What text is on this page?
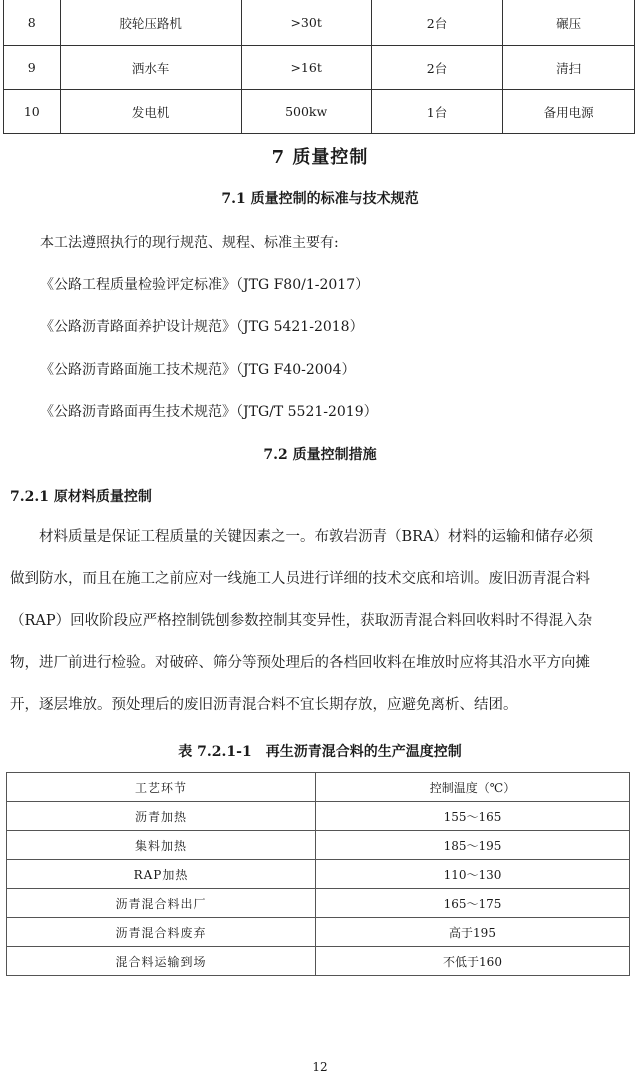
8	胶轮压路机	>30t	2台	碾压
9	洒水车	>16t	2台	清扫
10	发电机	500kw	1台	备用电源
7 质量控制
7.1 质量控制的标准与技术规范
本工法遵照执行的现行规范、规程、标准主要有:
《公路工程质量检验评定标准》（JTG F80/1-2017）
《公路沥青路面养护设计规范》（JTG 5421-2018）
《公路沥青路面施工技术规范》（JTG F40-2004）
《公路沥青路面再生技术规范》（JTG/T 5521-2019）
7.2 质量控制措施
7.2.1 原材料质量控制
　　材料质量是保证工程质量的关键因素之一。布敦岩沥青（BRA）材料的运输和储存必须
做到防水，而且在施工之前应对一线施工人员进行详细的技术交底和培训。废旧沥青混合料
（RAP）回收阶段应严格控制铣刨参数控制其变异性，获取沥青混合料回收料时不得混入杂
物，进厂前进行检验。对破碎、筛分等预处理后的各档回收料在堆放时应将其沿水平方向摊
开，逐层堆放。预处理后的废旧沥青混合料不宜长期存放，应避免离析、结团。
表 7.2.1-1　再生沥青混合料的生产温度控制
工艺环节	控制温度（℃）
沥青加热	155～165
集料加热	185～195
RAP加热	110～130
沥青混合料出厂	165～175
沥青混合料废弃	高于195
混合料运输到场	不低于160
12
